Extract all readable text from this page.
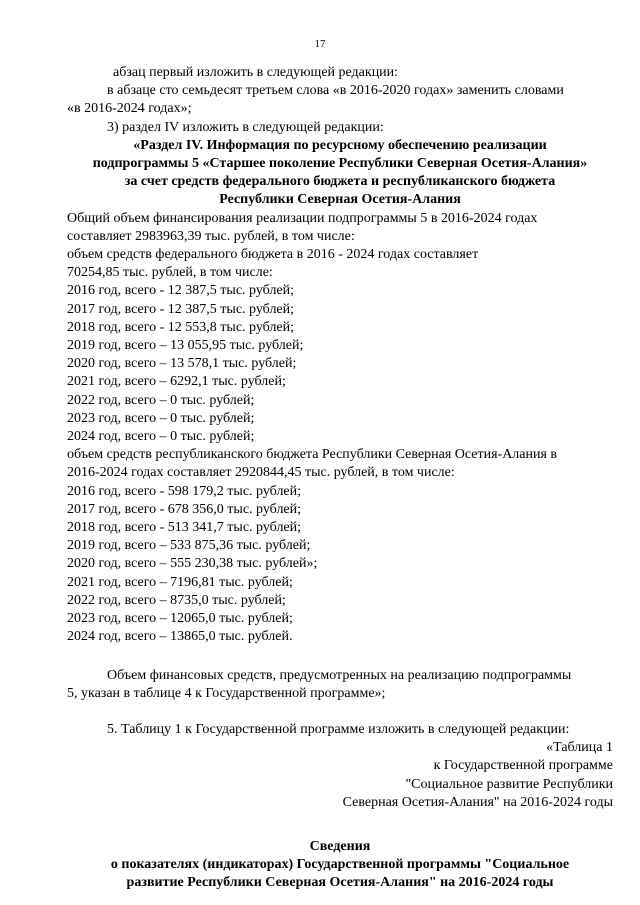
17

абзац первый изложить в следующей редакции:

в абзаце сто семьдесят третьем слова «в 2016-2020 годах» заменить словами

«в 2016-2024 годах»;

3) раздел IV изложить в следующей редакции:

«Раздел IV. Информация по ресурсному обеспечению реализации

подпрограммы 5 «Старшее поколение Республики Северная Осетия-Алания»

за счет средств федерального бюджета и республиканского бюджета

Республики Северная Осетия-Алания

Общий объем финансирования реализации подпрограммы 5 в 2016-2024 годах

составляет 2983963,39 тыс. рублей, в том числе:

объем средств федерального бюджета в 2016 - 2024 годах составляет

70254,85 тыс. рублей, в том числе:

2016 год, всего - 12 387,5 тыс. рублей;

2017 год, всего - 12 387,5 тыс. рублей;

2018 год, всего - 12 553,8 тыс. рублей;

2019 год, всего – 13 055,95 тыс. рублей;

2020 год, всего – 13 578,1 тыс. рублей;

2021 год, всего – 6292,1 тыс. рублей;

2022 год, всего – 0 тыс. рублей;

2023 год, всего – 0 тыс. рублей;

2024 год, всего – 0 тыс. рублей;

объем средств республиканского бюджета Республики Северная Осетия-Алания в

2016-2024 годах составляет 2920844,45 тыс. рублей, в том числе:

2016 год, всего - 598 179,2 тыс. рублей;

2017 год, всего - 678 356,0 тыс. рублей;

2018 год, всего - 513 341,7 тыс. рублей;

2019 год, всего – 533 875,36 тыс. рублей;

2020 год, всего – 555 230,38 тыс. рублей»;

2021 год, всего – 7196,81 тыс. рублей;

2022 год, всего – 8735,0 тыс. рублей;

2023 год, всего – 12065,0 тыс. рублей;

2024 год, всего – 13865,0 тыс. рублей.

Объем финансовых средств, предусмотренных на реализацию подпрограммы

5, указан в таблице 4 к Государственной программе»;

5. Таблицу 1 к Государственной программе изложить в следующей редакции:

«Таблица 1

к Государственной программе

"Социальное развитие Республики

Северная Осетия-Алания" на 2016-2024 годы

Сведения

о показателях (индикаторах) Государственной программы "Социальное

развитие Республики Северная Осетия-Алания" на 2016-2024 годы
